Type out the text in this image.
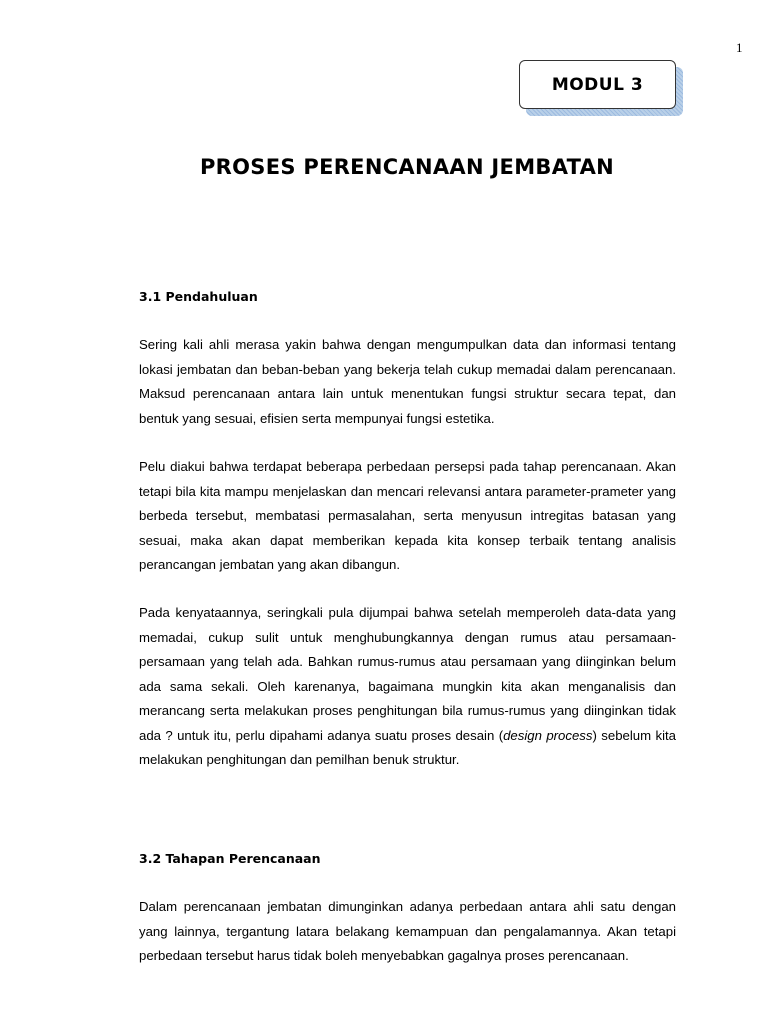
1
MODUL 3
PROSES PERENCANAAN JEMBATAN
3.1 Pendahuluan

Sering kali ahli merasa yakin bahwa dengan mengumpulkan data dan informasi tentang lokasi jembatan dan beban-beban yang bekerja telah cukup memadai dalam perencanaan. Maksud perencanaan antara lain untuk menentukan fungsi struktur secara tepat, dan bentuk yang sesuai, efisien serta mempunyai fungsi estetika.

Pelu diakui bahwa terdapat beberapa perbedaan persepsi pada tahap perencanaan. Akan tetapi bila kita mampu menjelaskan dan mencari relevansi antara parameter-prameter yang berbeda tersebut, membatasi permasalahan, serta menyusun intregitas batasan yang sesuai, maka akan dapat memberikan kepada kita konsep terbaik tentang analisis perancangan jembatan yang akan dibangun.

Pada kenyataannya, seringkali pula dijumpai bahwa setelah memperoleh data-data yang memadai, cukup sulit untuk menghubungkannya dengan rumus atau persamaan-persamaan yang telah ada. Bahkan rumus-rumus atau persamaan yang diinginkan belum ada sama sekali. Oleh karenanya, bagaimana mungkin kita akan menganalisis dan merancang serta melakukan proses penghitungan bila rumus-rumus yang diinginkan tidak ada ? untuk itu, perlu dipahami adanya suatu proses desain (design process) sebelum kita melakukan penghitungan dan pemilhan benuk struktur.

3.2 Tahapan Perencanaan

Dalam perencanaan jembatan dimunginkan adanya perbedaan antara ahli satu dengan yang lainnya, tergantung latara belakang kemampuan dan pengalamannya. Akan tetapi perbedaan tersebut harus tidak boleh menyebabkan gagalnya proses perencanaan.
